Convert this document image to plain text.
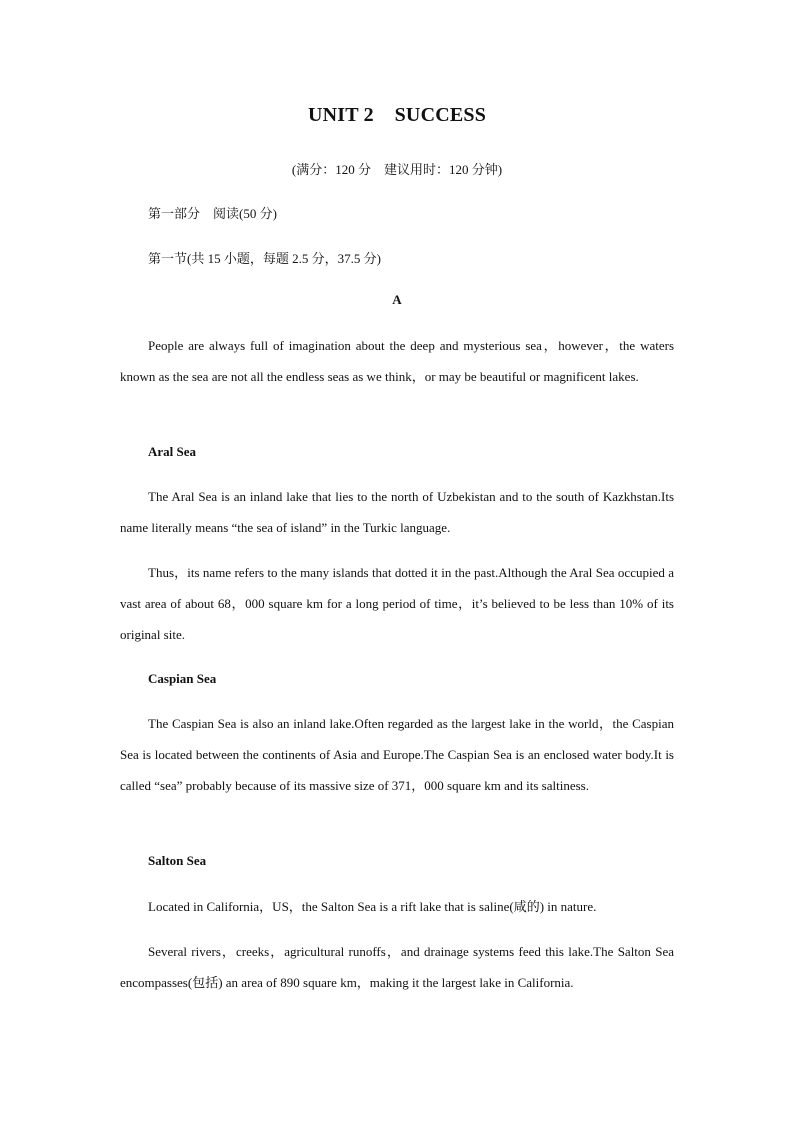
UNIT 2    SUCCESS

(满分：120 分    建议用时：120 分钟)

第一部分    阅读(50 分)

第一节(共 15 小题，每题 2.5 分，37.5 分)

A

People are always full of imagination about the deep and mysterious sea，however，the waters known as the sea are not all the endless seas as we think，or may be beautiful or magnificent lakes.

Aral Sea

The Aral Sea is an inland lake that lies to the north of Uzbekistan and to the south of Kazkhstan.Its name literally means “the sea of island” in the Turkic language.

Thus，its name refers to the many islands that dotted it in the past.Although the Aral Sea occupied a vast area of about 68，000 square km for a long period of time，it’s believed to be less than 10% of its original site.

Caspian Sea

The Caspian Sea is also an inland lake.Often regarded as the largest lake in the world，the Caspian Sea is located between the continents of Asia and Europe.The Caspian Sea is an enclosed water body.It is called “sea” probably because of its massive size of 371，000 square km and its saltiness.

Salton Sea

Located in California，US，the Salton Sea is a rift lake that is saline(咸的) in nature.

Several rivers，creeks，agricultural runoffs，and drainage systems feed this lake.The Salton Sea encompasses(包括) an area of 890 square km，making it the largest lake in California.
